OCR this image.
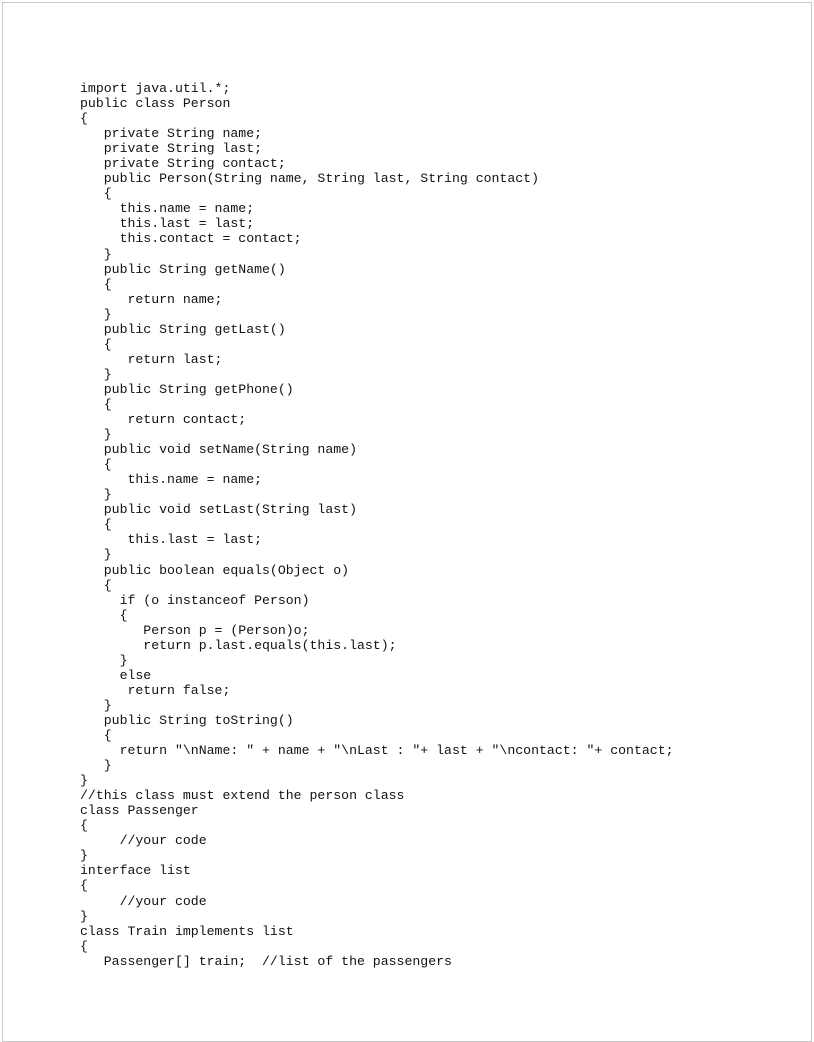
import java.util.*;
public class Person
{
private String name;
private String last;
private String contact;
public Person(String name, String last, String contact)
{
this.name = name;
this.last = last;
this.contact = contact;
}
public String getName()
{
return name;
}
public String getLast()
{
return last;
}
public String getPhone()
{
return contact;
}
public void setName(String name)
{
this.name = name;
}
public void setLast(String last)
{
this.last = last;
}
public boolean equals(Object o)
{
if (o instanceof Person)
{
Person p = (Person)o;
return p.last.equals(this.last);
}
else
return false;
}
public String toString()
{
return "\nName: " + name + "\nLast : "+ last + "\ncontact: "+ contact;
}
}
//this class must extend the person class
class Passenger
{
//your code
}
interface list
{
//your code
}
class Train implements list
{
Passenger[] train;  //list of the passengers
